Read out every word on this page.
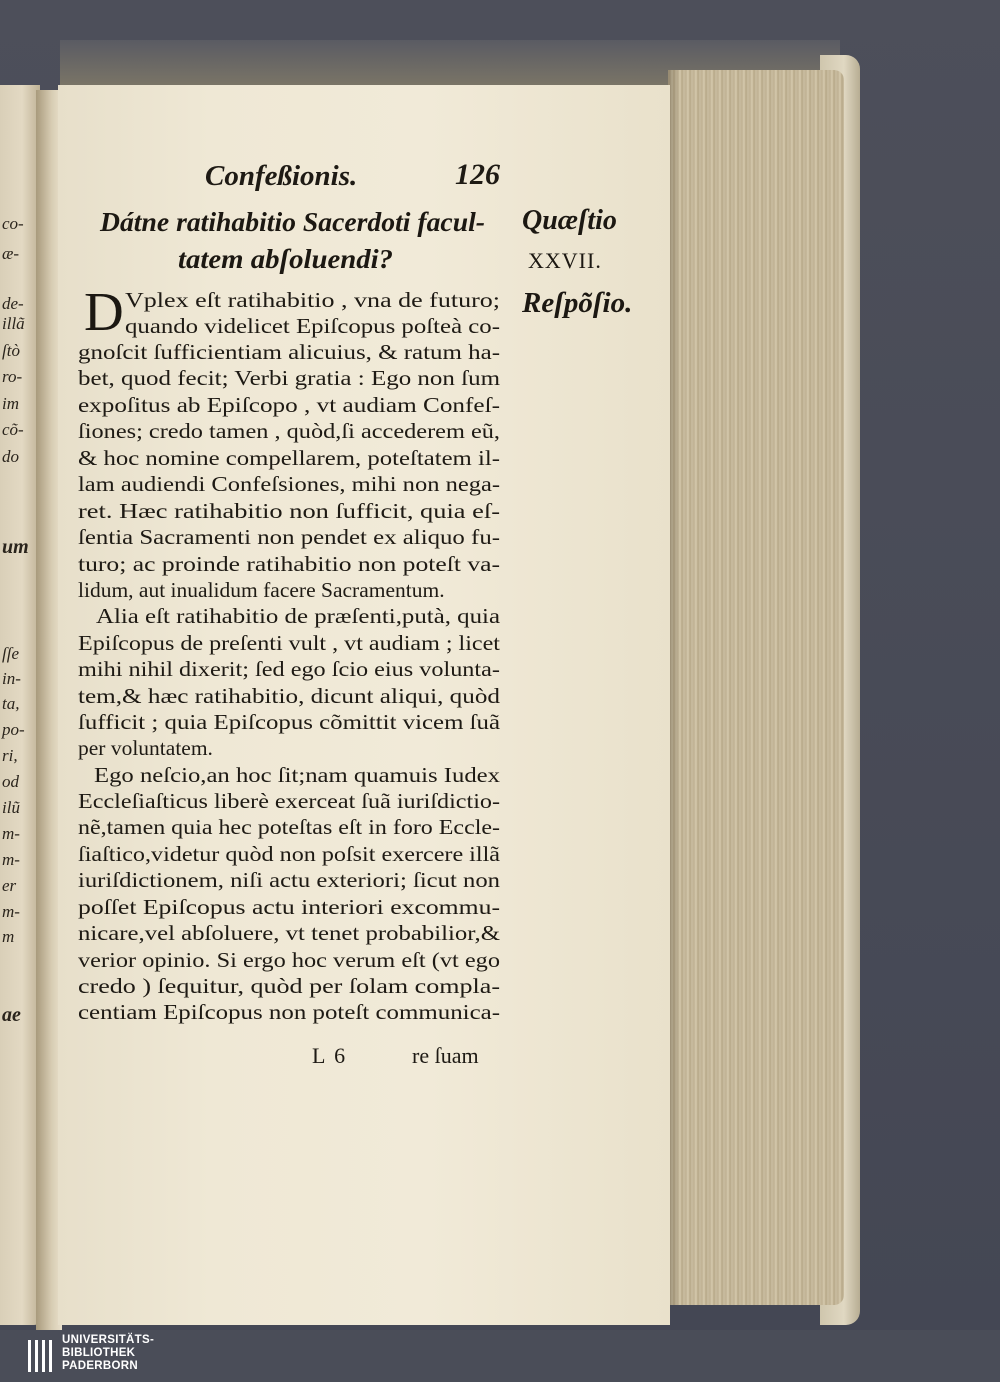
co-
æ-
de-
illã
ſtò
ro-
im
cõ-
do
um
ſſe
in-
ta,
po-
ri,
od
ilũ
m-
m-
er
m-
m
ae
Confeßionis.	126
Dátne ratihabitio Sacerdoti facul-
tatem abſoluendi?
Quæſtio
XXVII.
Reſpõſio.
D Vplex eſt ratihabitio , vna de futuro;
quando videlicet Epiſcopus poſteà co-
gnoſcit ſufficientiam alicuius, & ratum ha-
bet, quod fecit; Verbi gratia : Ego non ſum
expoſitus ab Epiſcopo , vt audiam Confeſ-
ſiones; credo tamen , quòd,ſi accederem eũ,
& hoc nomine compellarem, poteſtatem il-
lam audiendi Confeſsiones, mihi non nega-
ret. Hæc ratihabitio non ſufficit, quia eſ-
ſentia Sacramenti non pendet ex aliquo fu-
turo; ac proinde ratihabitio non poteſt va-
lidum, aut inualidum facere Sacramentum.
Alia eſt ratihabitio de præſenti,putà, quia
Epiſcopus de preſenti vult , vt audiam ; licet
mihi nihil dixerit; ſed ego ſcio eius volunta-
tem,& hæc ratihabitio, dicunt aliqui, quòd
ſufficit ; quia Epiſcopus cõmittit vicem ſuã
per voluntatem.
Ego neſcio,an hoc ſit;nam quamuis Iudex
Eccleſiaſticus liberè exerceat ſuã iuriſdictio-
nẽ,tamen quia hec poteſtas eſt in foro Eccle-
ſiaſtico,videtur quòd non poſsit exercere illã
iuriſdictionem, niſi actu exteriori; ſicut non
poſſet Epiſcopus actu interiori excommu-
nicare,vel abſoluere, vt tenet probabilior,&
verior opinio. Si ergo hoc verum eſt (vt ego
credo ) ſequitur, quòd per ſolam compla-
centiam Epiſcopus non poteſt communica-
L 6	re ſuam
UNIVERSITÄTS-
BIBLIOTHEK
PADERBORN
